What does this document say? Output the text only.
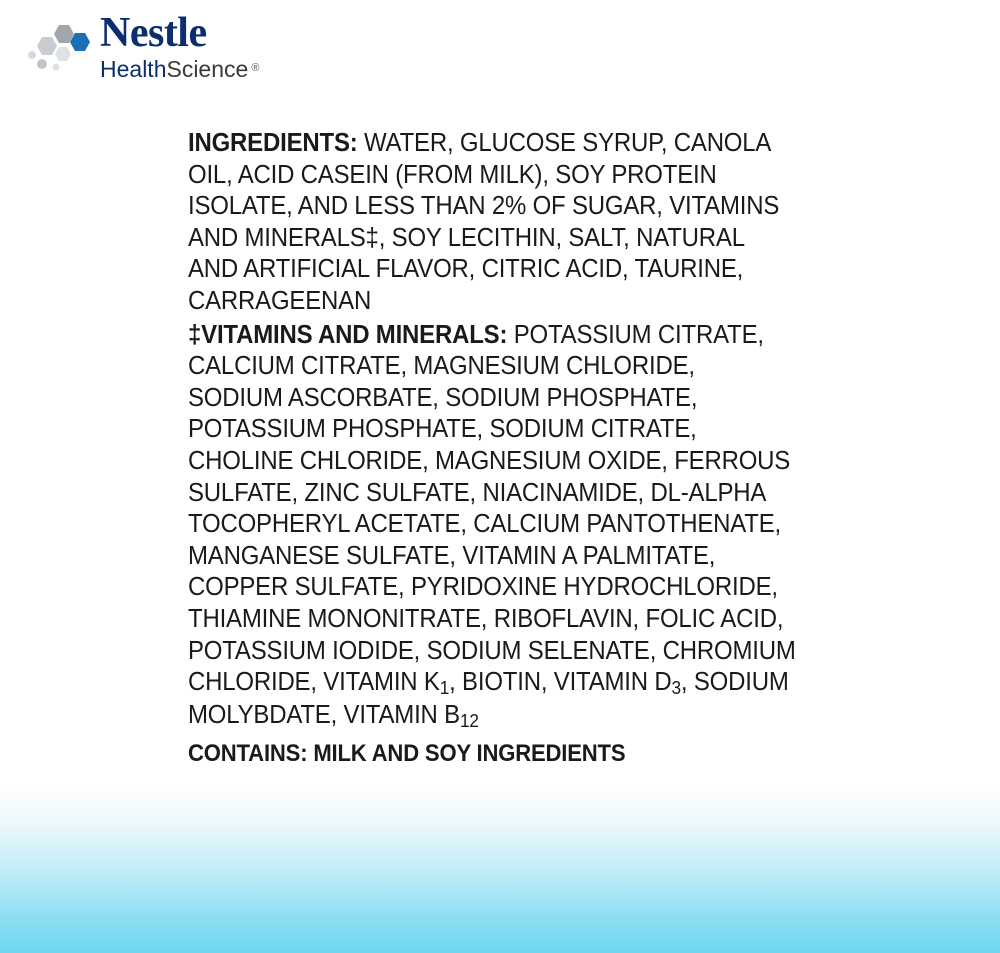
Nestle
HealthScience ®

INGREDIENTS: WATER, GLUCOSE SYRUP, CANOLA OIL, ACID CASEIN (FROM MILK), SOY PROTEIN ISOLATE, AND LESS THAN 2% OF SUGAR, VITAMINS AND MINERALS‡, SOY LECITHIN, SALT, NATURAL AND ARTIFICIAL FLAVOR, CITRIC ACID, TAURINE, CARRAGEENAN

‡VITAMINS AND MINERALS: POTASSIUM CITRATE, CALCIUM CITRATE, MAGNESIUM CHLORIDE, SODIUM ASCORBATE, SODIUM PHOSPHATE, POTASSIUM PHOSPHATE, SODIUM CITRATE, CHOLINE CHLORIDE, MAGNESIUM OXIDE, FERROUS SULFATE, ZINC SULFATE, NIACINAMIDE, DL-ALPHA TOCOPHERYL ACETATE, CALCIUM PANTOTHENATE, MANGANESE SULFATE, VITAMIN A PALMITATE, COPPER SULFATE, PYRIDOXINE HYDROCHLORIDE, THIAMINE MONONITRATE, RIBOFLAVIN, FOLIC ACID, POTASSIUM IODIDE, SODIUM SELENATE, CHROMIUM CHLORIDE, VITAMIN K1, BIOTIN, VITAMIN D3, SODIUM MOLYBDATE, VITAMIN B12

CONTAINS: MILK AND SOY INGREDIENTS
